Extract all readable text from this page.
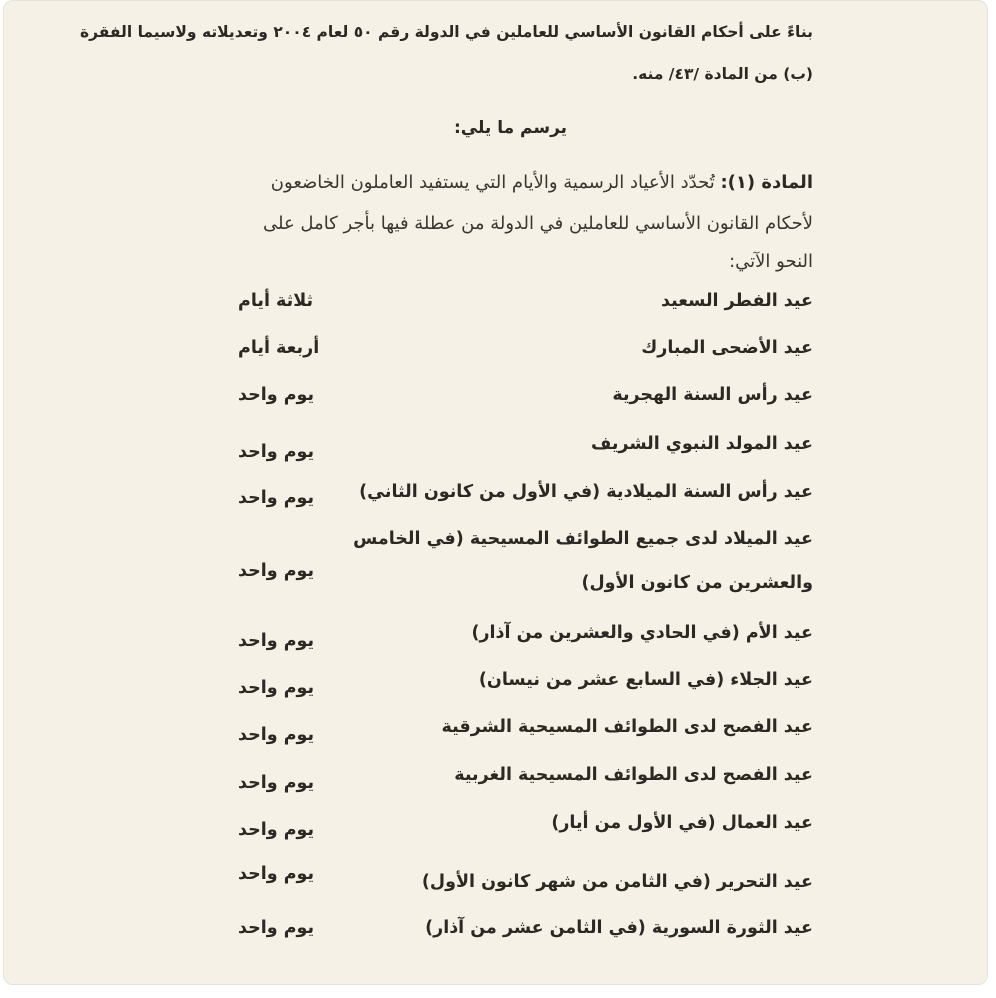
بناءً على أحكام القانون الأساسي للعاملين في الدولة رقم ٥٠ لعام ٢٠٠٤ وتعديلاته ولاسيما الفقرة
(ب) من المادة /٤٣/ منه.
يرسم ما يلي:
المادة (١): تُحدّد الأعياد الرسمية والأيام التي يستفيد العاملون الخاضعون
لأحكام القانون الأساسي للعاملين في الدولة من عطلة فيها بأجر كامل على
النحو الآتي:
عيد الفطر السعيد
ثلاثة أيام
عيد الأضحى المبارك
أربعة أيام
عيد رأس السنة الهجرية
يوم واحد
عيد المولد النبوي الشريف
يوم واحد
عيد رأس السنة الميلادية (في الأول من كانون الثاني)
يوم واحد
عيد الميلاد لدى جميع الطوائف المسيحية (في الخامس
والعشرين من كانون الأول)
يوم واحد
عيد الأم (في الحادي والعشرين من آذار)
يوم واحد
عيد الجلاء (في السابع عشر من نيسان)
يوم واحد
عيد الفصح لدى الطوائف المسيحية الشرقية
يوم واحد
عيد الفصح لدى الطوائف المسيحية الغربية
يوم واحد
عيد العمال (في الأول من أيار)
يوم واحد
عيد التحرير (في الثامن من شهر كانون الأول)
يوم واحد
عيد الثورة السورية (في الثامن عشر من آذار)
يوم واحد
